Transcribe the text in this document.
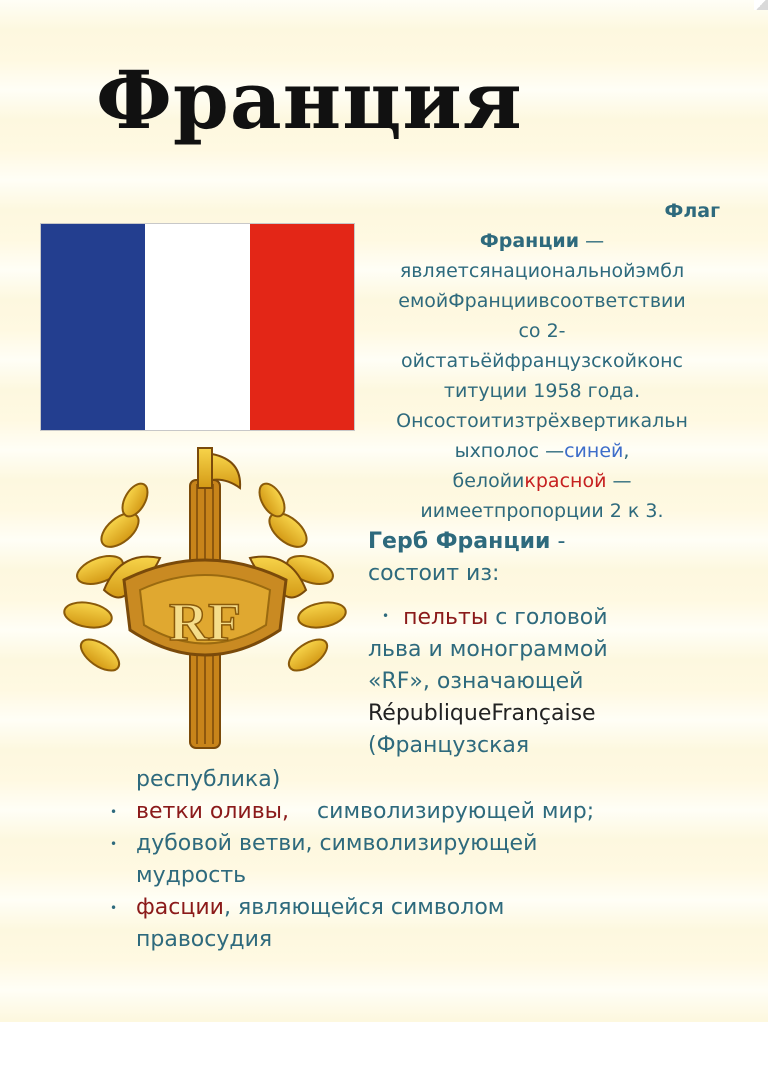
Франция
Флаг
Франции —
являетсянациональнойэмбл
емойФранциивсоответствии
со 2-
ойстатьёйфранцузскойконс
титуции 1958 года.
Онсостоитизтрёхвертикальн
ыхполос —синей,
белойикрасной —
иимеетпропорции 2 к 3.
RF
Герб Франции -
состоит из:
• пельты с головой
льва и монограммой
«RF», означающей
RépubliqueFrançaise
(Французская
республика)
• ветки оливы, символизирующей мир;
• дубовой ветви, символизирующей
мудрость
• фасции, являющейся символом
правосудия
